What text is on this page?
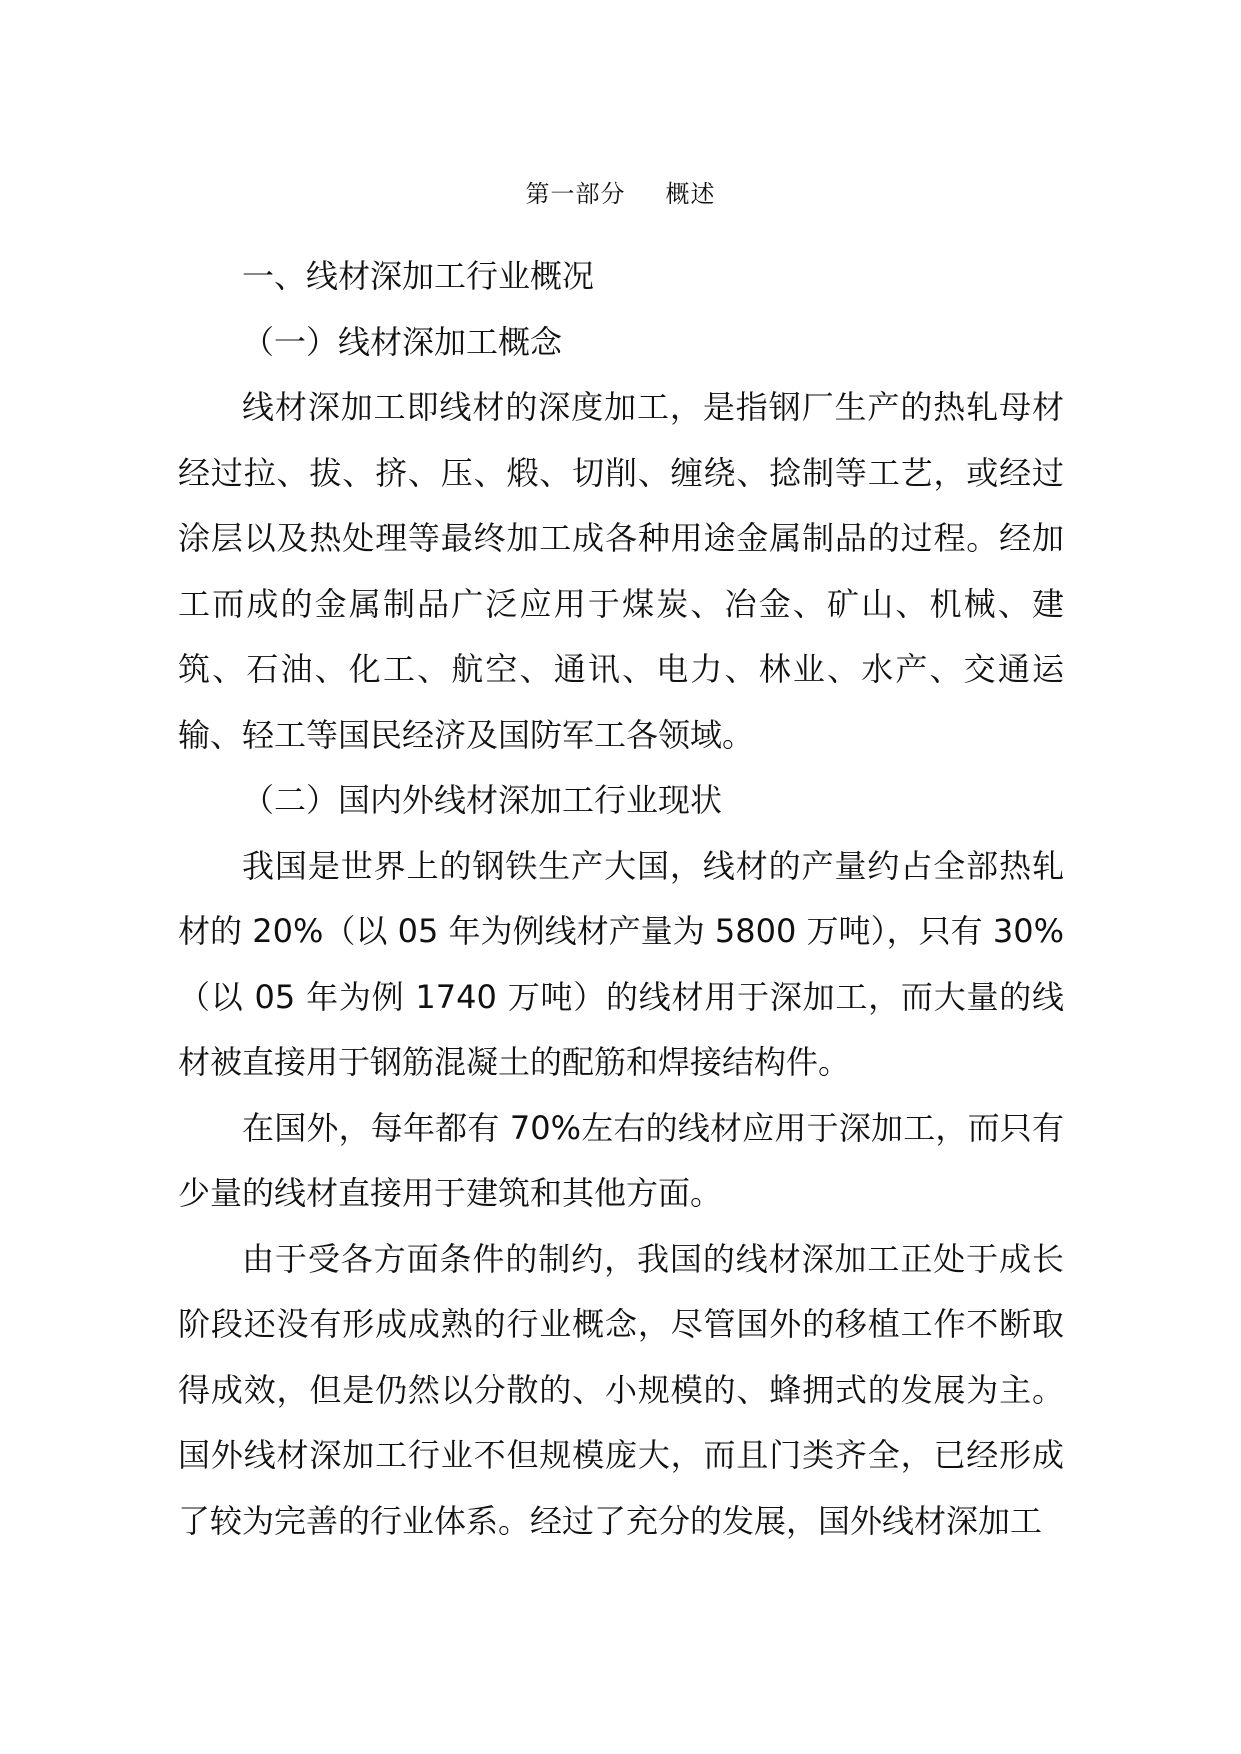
第一部分 概述

一、线材深加工行业概况

（一）线材深加工概念

线材深加工即线材的深度加工，是指钢厂生产的热轧母材经过拉、拔、挤、压、煅、切削、缠绕、捻制等工艺，或经过涂层以及热处理等最终加工成各种用途金属制品的过程。经加工而成的金属制品广泛应用于煤炭、冶金、矿山、机械、建筑、石油、化工、航空、通讯、电力、林业、水产、交通运输、轻工等国民经济及国防军工各领域。

（二）国内外线材深加工行业现状

我国是世界上的钢铁生产大国，线材的产量约占全部热轧材的 20%（以 05 年为例线材产量为 5800 万吨），只有 30%（以 05 年为例 1740 万吨）的线材用于深加工，而大量的线材被直接用于钢筋混凝土的配筋和焊接结构件。

在国外，每年都有 70%左右的线材应用于深加工，而只有少量的线材直接用于建筑和其他方面。

由于受各方面条件的制约，我国的线材深加工正处于成长阶段还没有形成成熟的行业概念，尽管国外的移植工作不断取得成效，但是仍然以分散的、小规模的、蜂拥式的发展为主。国外线材深加工行业不但规模庞大，而且门类齐全，已经形成了较为完善的行业体系。经过了充分的发展，国外线材深加工
